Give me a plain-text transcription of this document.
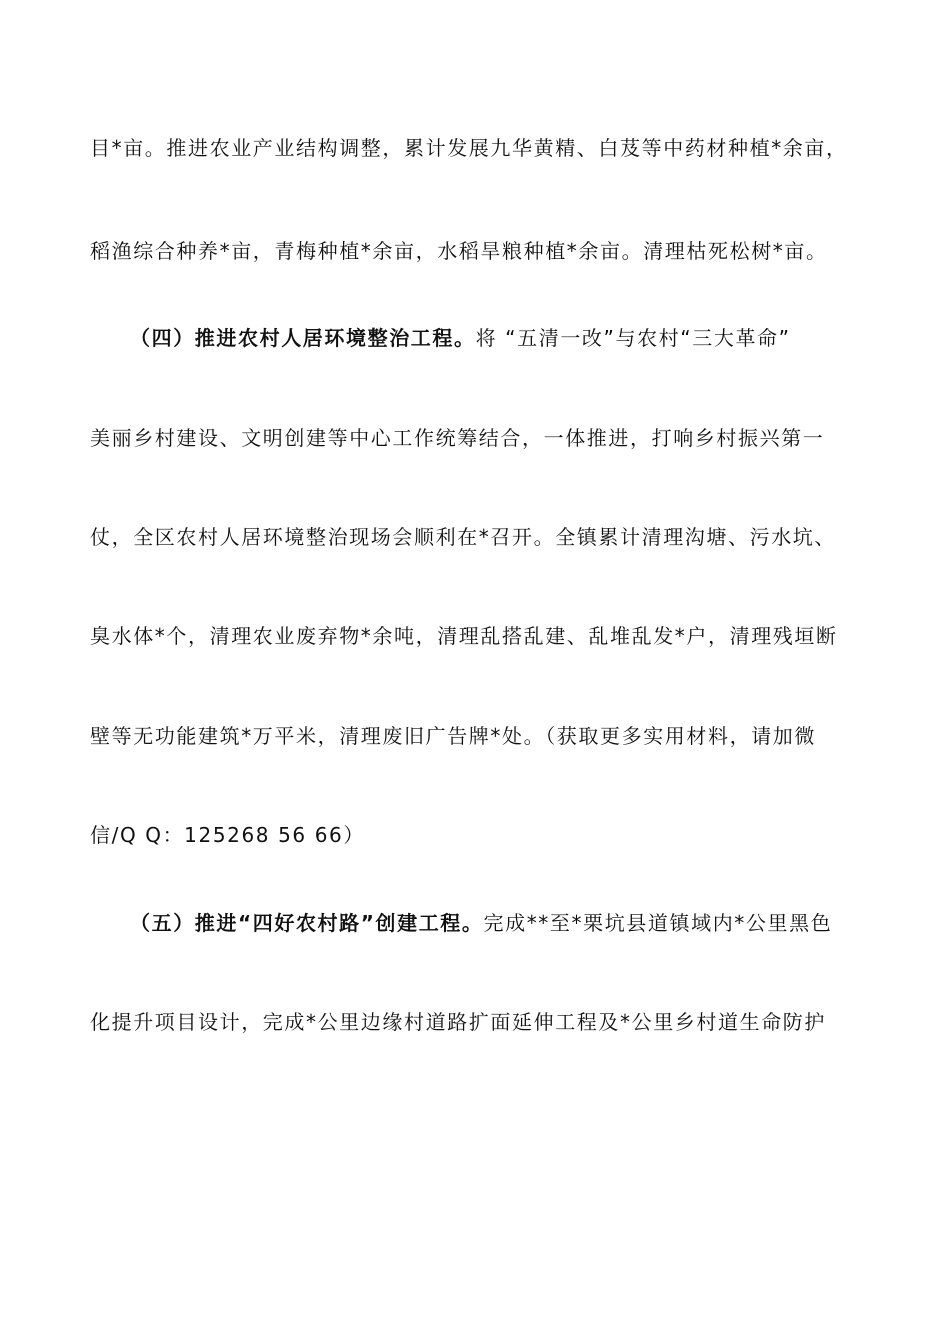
目*亩。推进农业产业结构调整，累计发展九华黄精、白芨等中药材种植*余亩，
稻渔综合种养*亩，青梅种植*余亩，水稻旱粮种植*余亩。清理枯死松树*亩。
（四）推进农村人居环境整治工程。将 “五清一改”与农村“三大革命”
美丽乡村建设、文明创建等中心工作统筹结合，一体推进，打响乡村振兴第一
仗，全区农村人居环境整治现场会顺利在*召开。全镇累计清理沟塘、污水坑、
臭水体*个，清理农业废弃物*余吨，清理乱搭乱建、乱堆乱发*户，清理残垣断
壁等无功能建筑*万平米，清理废旧广告牌*处。（获取更多实用材料，请加微
信/Q Q：125268 56 66）
（五）推进“四好农村路”创建工程。完成**至*栗坑县道镇域内*公里黑色
化提升项目设计，完成*公里边缘村道路扩面延伸工程及*公里乡村道生命防护
